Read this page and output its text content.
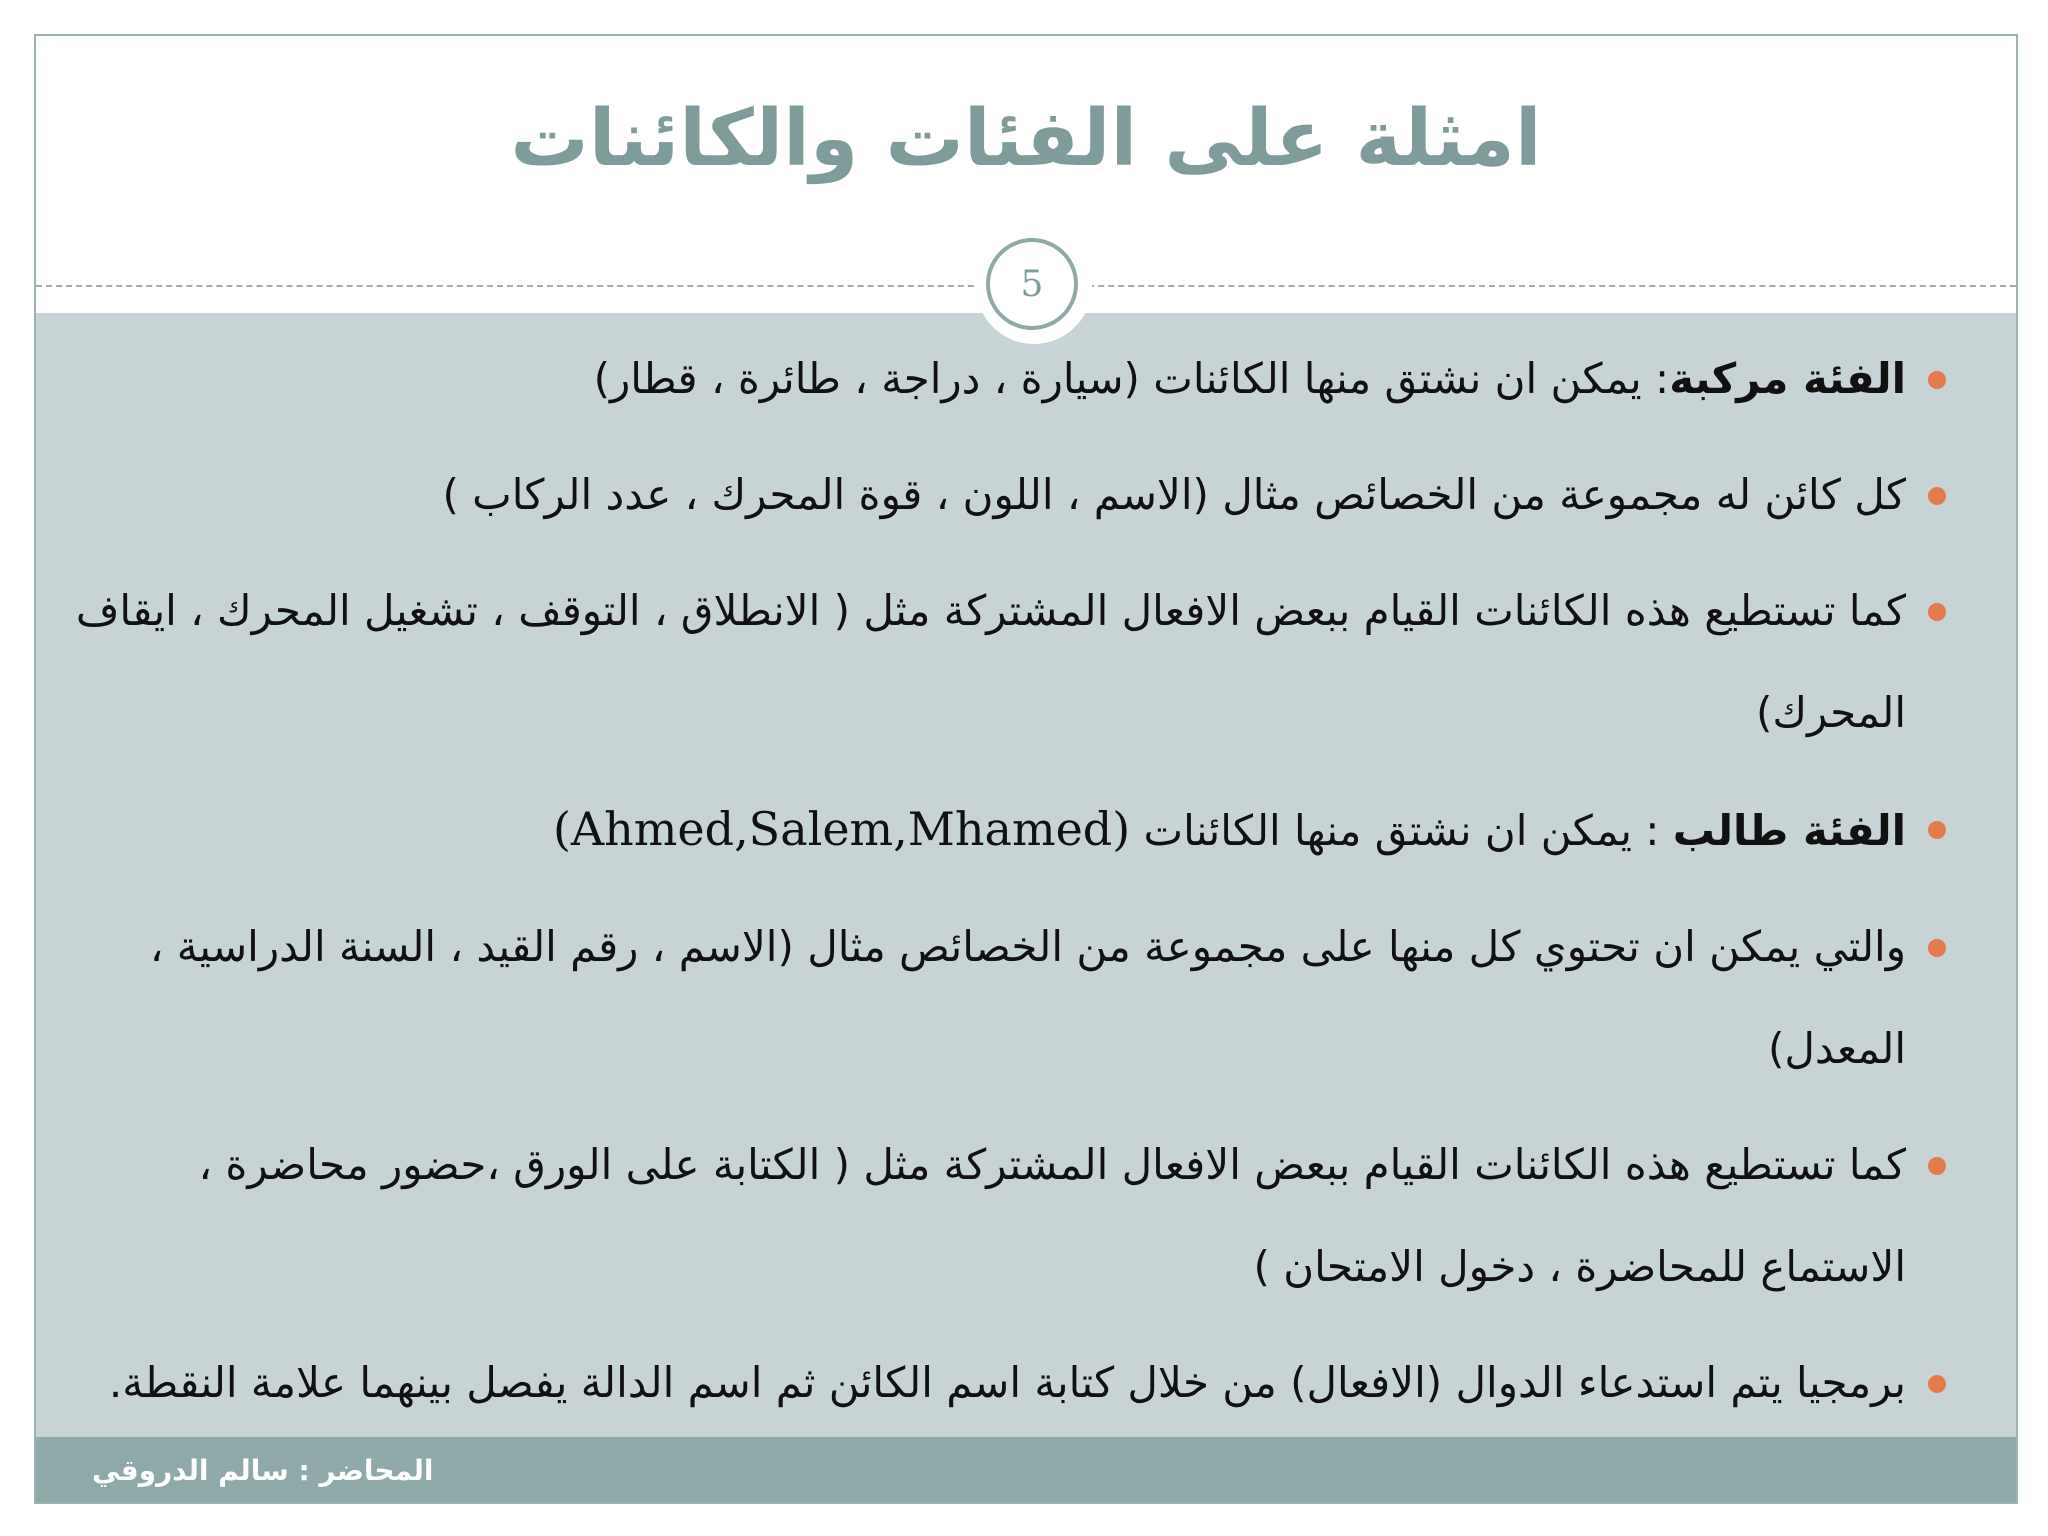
امثلة على الفئات والكائنات
5
الفئة مركبة: يمكن ان نشتق منها الكائنات (سيارة ، دراجة ، طائرة ، قطار)
كل كائن له مجموعة من الخصائص مثال (الاسم ، اللون ، قوة المحرك ، عدد الركاب )
كما تستطيع هذه الكائنات القيام ببعض الافعال المشتركة مثل ( الانطلاق ، التوقف ، تشغيل المحرك ، ايقاف المحرك)
الفئة طالب : يمكن ان نشتق منها الكائنات (Ahmed,Salem,Mhamed)
والتي يمكن ان تحتوي كل منها على مجموعة من الخصائص مثال (الاسم ، رقم القيد ، السنة الدراسية ، المعدل)
كما تستطيع هذه الكائنات القيام ببعض الافعال المشتركة مثل ( الكتابة على الورق ،حضور محاضرة ، الاستماع للمحاضرة ، دخول الامتحان )
برمجيا يتم استدعاء الدوال (الافعال) من خلال كتابة اسم الكائن ثم اسم الدالة يفصل بينهما علامة النقطة.
المحاضر : سالم الدروقي
